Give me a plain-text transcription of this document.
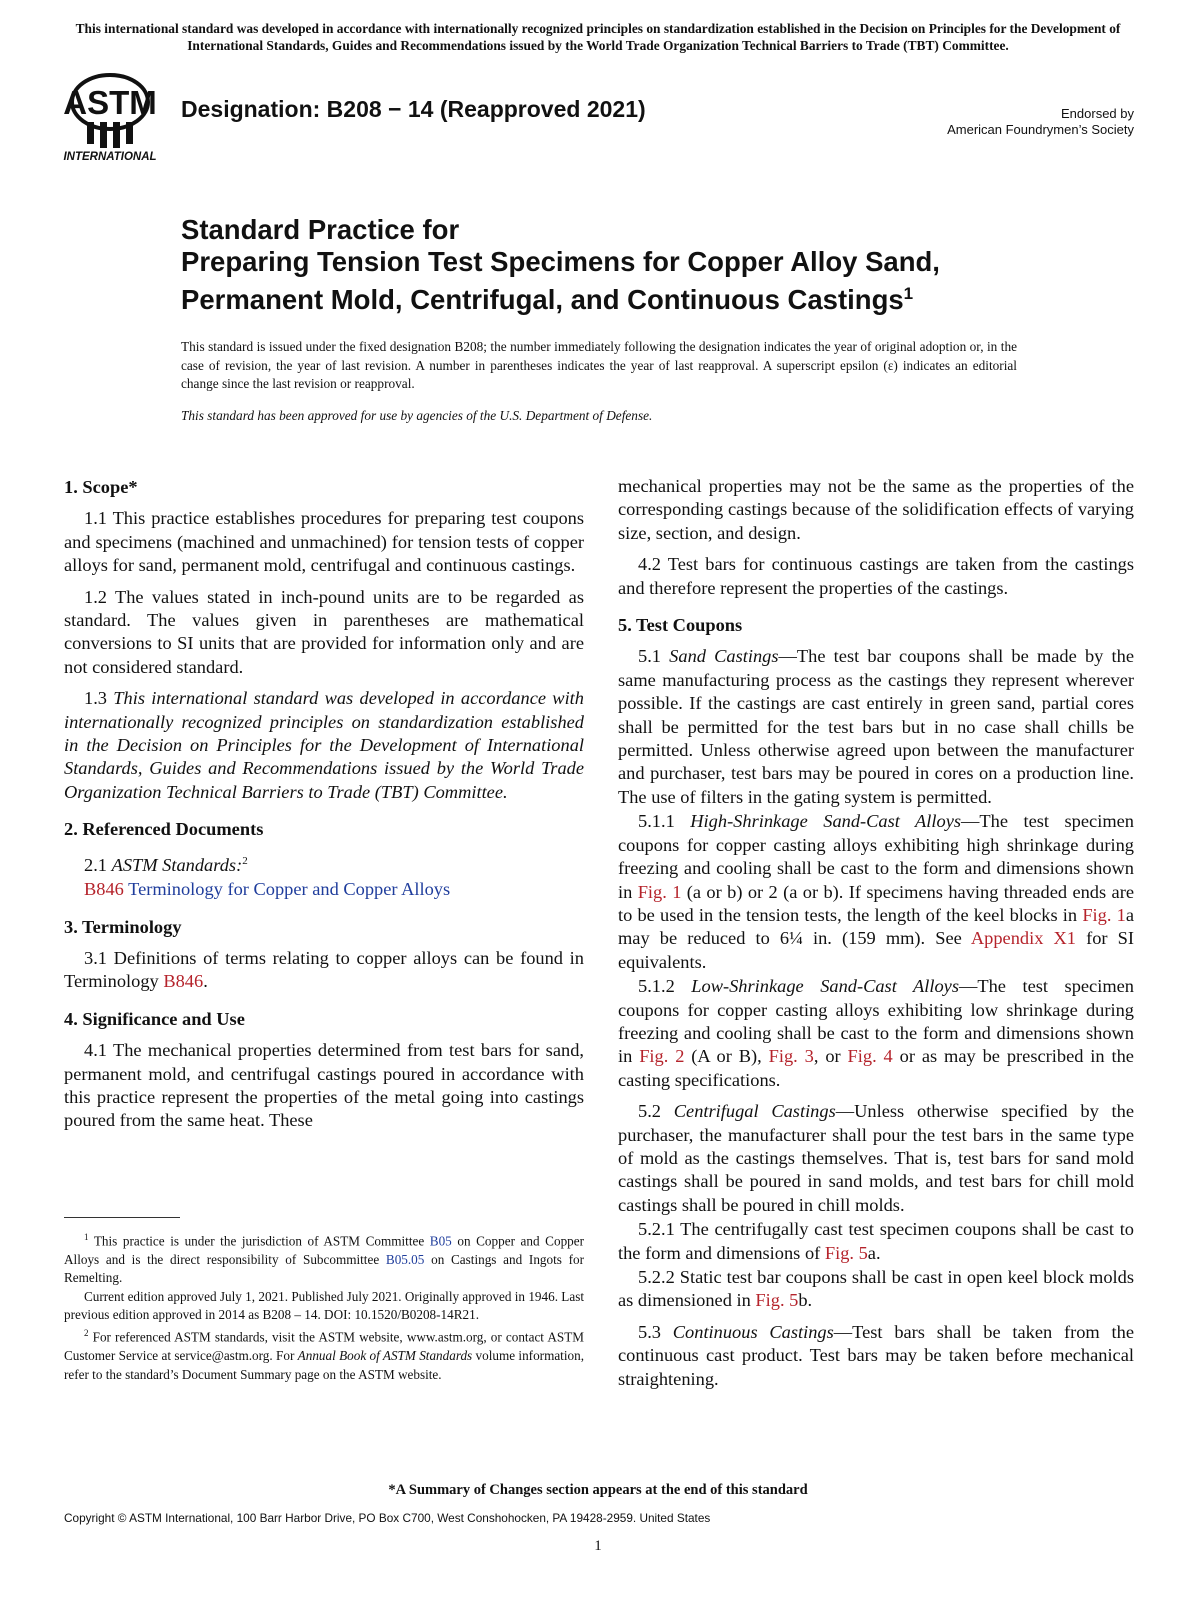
This international standard was developed in accordance with internationally recognized principles on standardization established in the Decision on Principles for the Development of International Standards, Guides and Recommendations issued by the World Trade Organization Technical Barriers to Trade (TBT) Committee.
ASTM
INTERNATIONAL
Designation: B208 − 14 (Reapproved 2021)	Endorsed by
American Foundrymen’s Society
Standard Practice for
Preparing Tension Test Specimens for Copper Alloy Sand,
Permanent Mold, Centrifugal, and Continuous Castings$^1$
This standard is issued under the fixed designation B208; the number immediately following the designation indicates the year of original adoption or, in the case of revision, the year of last revision. A number in parentheses indicates the year of last reapproval. A superscript epsilon (ε) indicates an editorial change since the last revision or reapproval.
This standard has been approved for use by agencies of the U.S. Department of Defense.
1. Scope*

1.1 This practice establishes procedures for preparing test coupons and specimens (machined and unmachined) for tension tests of copper alloys for sand, permanent mold, centrifugal and continuous castings.

1.2 The values stated in inch-pound units are to be regarded as standard. The values given in parentheses are mathematical conversions to SI units that are provided for information only and are not considered standard.

1.3 This international standard was developed in accordance with internationally recognized principles on standardization established in the Decision on Principles for the Development of International Standards, Guides and Recommendations issued by the World Trade Organization Technical Barriers to Trade (TBT) Committee.

2. Referenced Documents

2.1 ASTM Standards:$^2$

B846 Terminology for Copper and Copper Alloys

3. Terminology

3.1 Definitions of terms relating to copper alloys can be found in Terminology B846.

4. Significance and Use

4.1 The mechanical properties determined from test bars for sand, permanent mold, and centrifugal castings poured in accordance with this practice represent the properties of the metal going into castings poured from the same heat. These

$^1$ This practice is under the jurisdiction of ASTM Committee B05 on Copper and Copper Alloys and is the direct responsibility of Subcommittee B05.05 on Castings and Ingots for Remelting.

Current edition approved July 1, 2021. Published July 2021. Originally approved in 1946. Last previous edition approved in 2014 as B208 – 14. DOI: 10.1520/B0208-14R21.

$^2$ For referenced ASTM standards, visit the ASTM website, www.astm.org, or contact ASTM Customer Service at service@astm.org. For Annual Book of ASTM Standards volume information, refer to the standard’s Document Summary page on the ASTM website.

mechanical properties may not be the same as the properties of the corresponding castings because of the solidification effects of varying size, section, and design.

4.2 Test bars for continuous castings are taken from the castings and therefore represent the properties of the castings.

5. Test Coupons

5.1 Sand Castings—The test bar coupons shall be made by the same manufacturing process as the castings they represent wherever possible. If the castings are cast entirely in green sand, partial cores shall be permitted for the test bars but in no case shall chills be permitted. Unless otherwise agreed upon between the manufacturer and purchaser, test bars may be poured in cores on a production line. The use of filters in the gating system is permitted.

5.1.1 High-Shrinkage Sand-Cast Alloys—The test specimen coupons for copper casting alloys exhibiting high shrinkage during freezing and cooling shall be cast to the form and dimensions shown in Fig. 1 (a or b) or 2 (a or b). If specimens having threaded ends are to be used in the tension tests, the length of the keel blocks in Fig. 1a may be reduced to 6¼ in. (159 mm). See Appendix X1 for SI equivalents.

5.1.2 Low-Shrinkage Sand-Cast Alloys—The test specimen coupons for copper casting alloys exhibiting low shrinkage during freezing and cooling shall be cast to the form and dimensions shown in Fig. 2 (A or B), Fig. 3, or Fig. 4 or as may be prescribed in the casting specifications.

5.2 Centrifugal Castings—Unless otherwise specified by the purchaser, the manufacturer shall pour the test bars in the same type of mold as the castings themselves. That is, test bars for sand mold castings shall be poured in sand molds, and test bars for chill mold castings shall be poured in chill molds.

5.2.1 The centrifugally cast test specimen coupons shall be cast to the form and dimensions of Fig. 5a.

5.2.2 Static test bar coupons shall be cast in open keel block molds as dimensioned in Fig. 5b.

5.3 Continuous Castings—Test bars shall be taken from the continuous cast product. Test bars may be taken before mechanical straightening.

*A Summary of Changes section appears at the end of this standard
Copyright © ASTM International, 100 Barr Harbor Drive, PO Box C700, West Conshohocken, PA 19428-2959. United States
1
